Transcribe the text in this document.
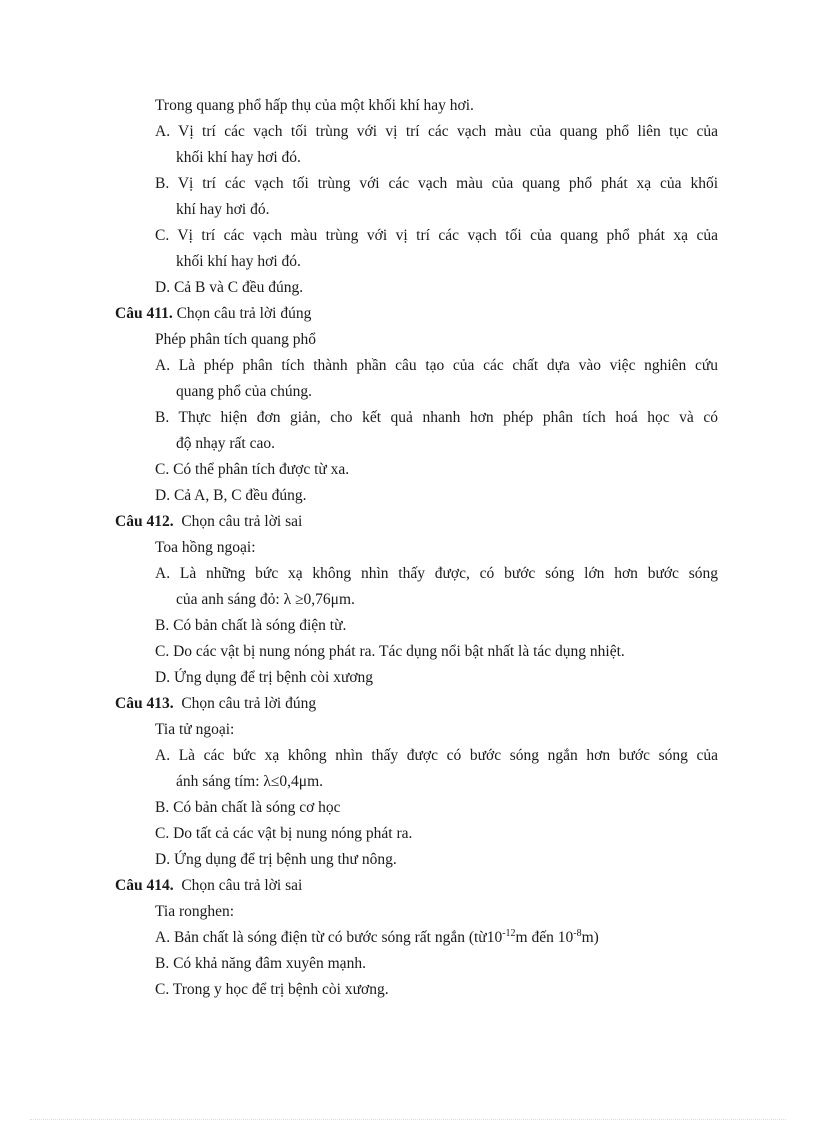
Trong quang phổ hấp thụ của một khối khí hay hơi.
A. Vị trí các vạch tối trùng với vị trí các vạch màu của quang phổ liên tục của
khối khí hay hơi đó.
B. Vị trí các vạch tối trùng với các vạch màu của quang phổ phát xạ của khối
khí hay hơi đó.
C. Vị trí các vạch màu trùng với vị trí các vạch tối của quang phổ phát xạ của
khối khí hay hơi đó.
D. Cả B và C đều đúng.
Câu 411. Chọn câu trả lời đúng
Phép phân tích quang phổ
A. Là phép phân tích thành phần câu tạo của các chất dựa vào việc nghiên cứu
quang phổ của chúng.
B. Thực hiện đơn giản, cho kết quả nhanh hơn phép phân tích hoá học và có
độ nhạy rất cao.
C. Có thể phân tích được từ xa.
D. Cả A, B, C đều đúng.
Câu 412.  Chọn câu trả lời sai
Toa hồng ngoại:
A. Là những bức xạ không nhìn thấy được, có bước sóng lớn hơn bước sóng
của anh sáng đỏ: λ ≥0,76μm.
B. Có bản chất là sóng điện từ.
C. Do các vật bị nung nóng phát ra. Tác dụng nổi bật nhất là tác dụng nhiệt.
D. Ứng dụng để trị bệnh còi xương
Câu 413.  Chọn câu trả lời đúng
Tia tử ngoại:
A. Là các bức xạ không nhìn thấy được có bước sóng ngắn hơn bước sóng của
ánh sáng tím: λ≤0,4μm.
B. Có bản chất là sóng cơ học
C. Do tất cả các vật bị nung nóng phát ra.
D. Ứng dụng để trị bệnh ung thư nông.
Câu 414.  Chọn câu trả lời sai
Tia ronghen:
A. Bản chất là sóng điện từ có bước sóng rất ngắn ($từ10^{-12}m$ đến $10^{-8}m$)
B. Có khả năng đâm xuyên mạnh.
C. Trong y học để trị bệnh còi xương.
